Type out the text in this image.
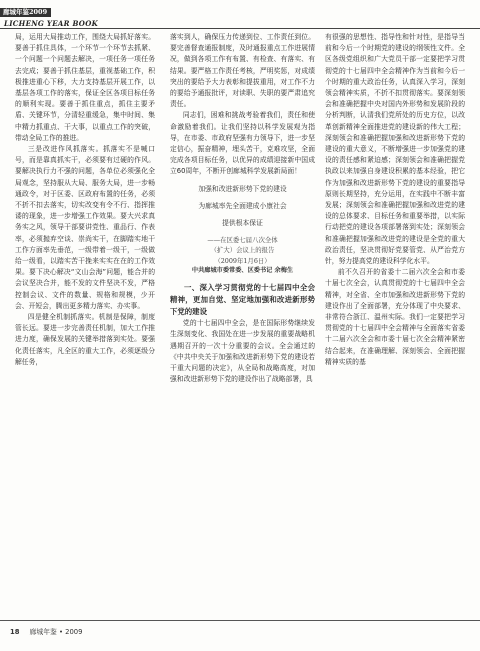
廊城年鉴2009
LICHENG YEAR BOOK

局，运用大局推动工作，围绕大局抓好落实。要善于抓住具体，一个环节一个环节去抓紧、一个问题一个问题去解决，一项任务一项任务去完成；要善于抓住基层，重视基础工作，积极推进重心下移，大力支持基层开展工作，以基层各项工作的落实，保证全区各项目标任务的顺利实现。要善于抓住重点，抓住主要矛盾、关键环节，分清轻重缓急，集中时间、集中精力抓重点、干大事，以重点工作的突破，带动全局工作的推进。

三是改进作风抓落实。抓落实不是喊口号，而是靠真抓实干，必须要有过硬的作风。要解决执行力不强的问题，各单位必须强化全局观念，坚持服从大局、服务大局，进一步畅通政令，对于区委、区政府布置的任务，必须不折不扣去落实，切实改变有令不行、指挥推诿的现象，进一步增强工作效果。要大兴求真务实之风，领导干部要讲党性、重品行、作表率，必须抛弃空谈、崇尚实干，在脚踏实地干工作方面率先垂范，一级带着一级干，一级做给一级看，以踏实苦干挽来实实在在的工作效果。要下决心解决“文山会海”问题，能合并的会议坚决合并，能不发的文件坚决不发，严格控制会议、文件的数量、规格和规模，少开会、开短会，腾出更多精力落实、办实事。

四是健全机制抓落实。机制是保障，制度管长远。要进一步完善责任机制，加大工作推进力度，确保发展的关键举措落到实处。要强化责任落实，凡全区的重大工作，必须逐级分解任务，

落实到人，确保压力传递到位、工作责任到位。要完善督查通报制度，及时通报重点工作进展情况，做到各项工作有布置、有检查、有落实、有结果。要严格工作责任考核，严明奖惩，对成绩突出的要给予大力表彰和提拔重用，对工作不力的要给予通报批评，对读职、失职的要严肃追究责任。

同志们，困难和挑战考验着我们，责任和使命激励着我们。让我们坚持以科学发展观为指导，在市委、市政府坚强有力领导下，进一步坚定信心，振奋精神，埋头苦干，克难攻坚，全面完成各项目标任务，以优异的成绩迎接新中国成立60周年，不断开创廊城科学发展新局面！

加强和改进新形势下党的建设

为廊城率先全面建成小康社会

提供根本保证

——在区委七届八次全体

（扩大）会议上的报告

（2009年1月6日）

中共廊城市委常委、区委书记 余梅生

一、深入学习贯彻党的十七届四中全会精神，更加自觉、坚定地加强和改进新形势下党的建设

党的十七届四中全会，是在国际形势继续发生深刻变化、我国处在进一步发展的重要战略机遇期召开的一次十分重要的会议。全会通过的《中共中央关于加强和改进新形势下党的建设若干重大问题的决定》，从全局和战略高度，对加强和改进新形势下党的建设作出了战略部署，具

有很强的思想性、指导性和针对性，是指导当前和今后一个时期党的建设的纲领性文件。全区各级党组织和广大党员干部一定要把学习贯彻党的十七届四中全会精神作为当前和今后一个时期的重大政治任务，认真深入学习，深刻领会精神实质，不折不扣贯彻落实。要深刻领会和准确把握中央对国内外形势和发展阶段的分析判断，认清我们党所处的历史方位，以改革创新精神全面推进党的建设新的伟大工程；深刻领会和准确把握加强和改进新形势下党的建设的重大意义，不断增强进一步加强党的建设的责任感和紧迫感；深刻领会和准确把握党执政以来加强自身建设积累的基本经验，把它作为加强和改进新形势下党的建设的重要指导原则长期坚持，充分运用，在实践中不断丰富发展；深刻领会和准确把握加强和改进党的建设的总体要求、目标任务和重要举措，以实际行动把党的建设各项部署落到实处；深刻领会和准确把握加强和改进党的建设是全党的重大政治责任，坚决贯彻好党要管党、从严治党方针，努力提高党的建设科学化水平。

前不久召开的省委十二届六次全会和市委十届七次全会，认真贯彻党的十七届四中全会精神，对全省、全市加强和改进新形势下党的建设作出了全面部署，充分体现了中央要求、非常符合浙江、温州实际。我们一定要把学习贯彻党的十七届四中全会精神与全面落实省委十二届六次全会和市委十届七次全会精神紧密结合起来，在准确理解、深刻领会、全面把握精神实质的基

18 廊城年鉴 • 2009
